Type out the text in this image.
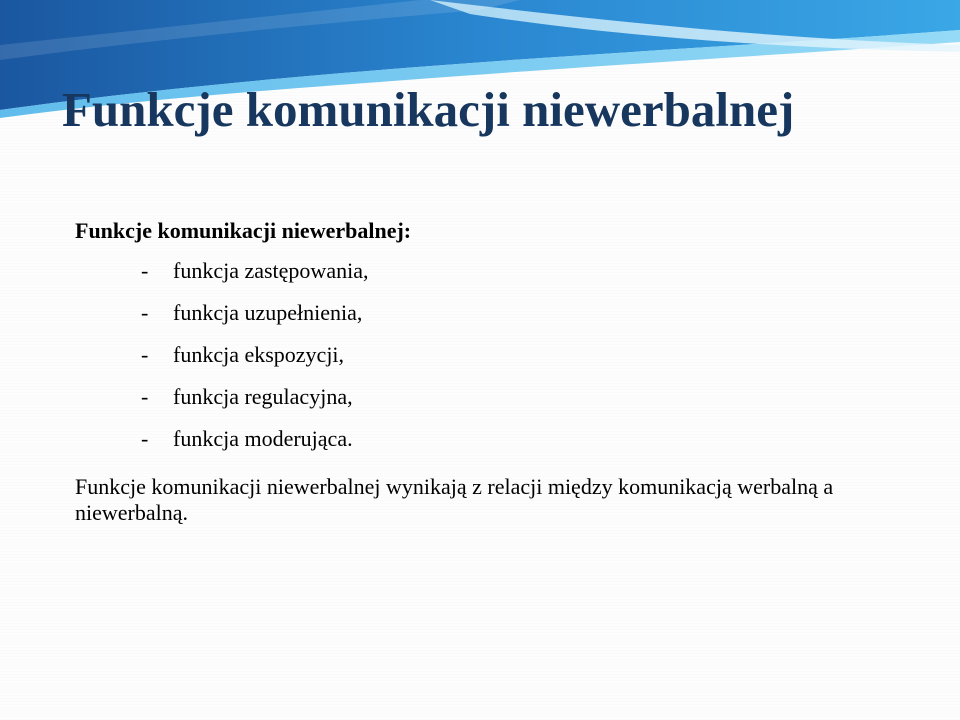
Funkcje komunikacji niewerbalnej

Funkcje komunikacji niewerbalnej:

-	funkcja zastępowania,
-	funkcja uzupełnienia,
-	funkcja ekspozycji,
-	funkcja regulacyjna,
-	funkcja moderująca.

Funkcje komunikacji niewerbalnej wynikają z relacji między komunikacją werbalną a niewerbalną.
